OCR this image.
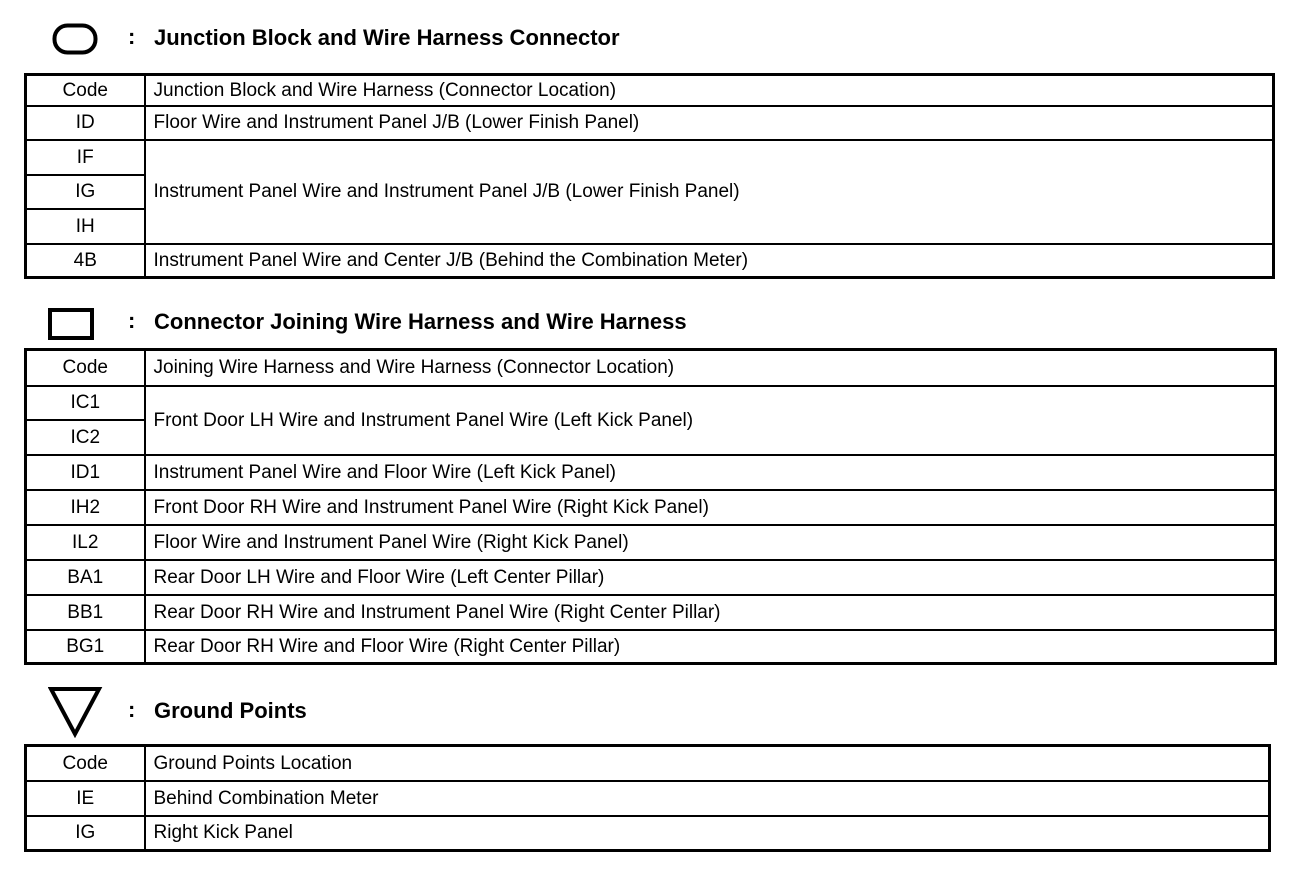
: Junction Block and Wire Harness Connector
Code	Junction Block and Wire Harness (Connector Location)
ID	Floor Wire and Instrument Panel J/B (Lower Finish Panel)
IF	Instrument Panel Wire and Instrument Panel J/B (Lower Finish Panel)
IG	
IH	
4B	Instrument Panel Wire and Center J/B (Behind the Combination Meter)
: Connector Joining Wire Harness and Wire Harness
Code	Joining Wire Harness and Wire Harness (Connector Location)
IC1	Front Door LH Wire and Instrument Panel Wire (Left Kick Panel)
IC2	
ID1	Instrument Panel Wire and Floor Wire (Left Kick Panel)
IH2	Front Door RH Wire and Instrument Panel Wire (Right Kick Panel)
IL2	Floor Wire and Instrument Panel Wire (Right Kick Panel)
BA1	Rear Door LH Wire and Floor Wire (Left Center Pillar)
BB1	Rear Door RH Wire and Instrument Panel Wire (Right Center Pillar)
BG1	Rear Door RH Wire and Floor Wire (Right Center Pillar)
: Ground Points
Code	Ground Points Location
IE	Behind Combination Meter
IG	Right Kick Panel
